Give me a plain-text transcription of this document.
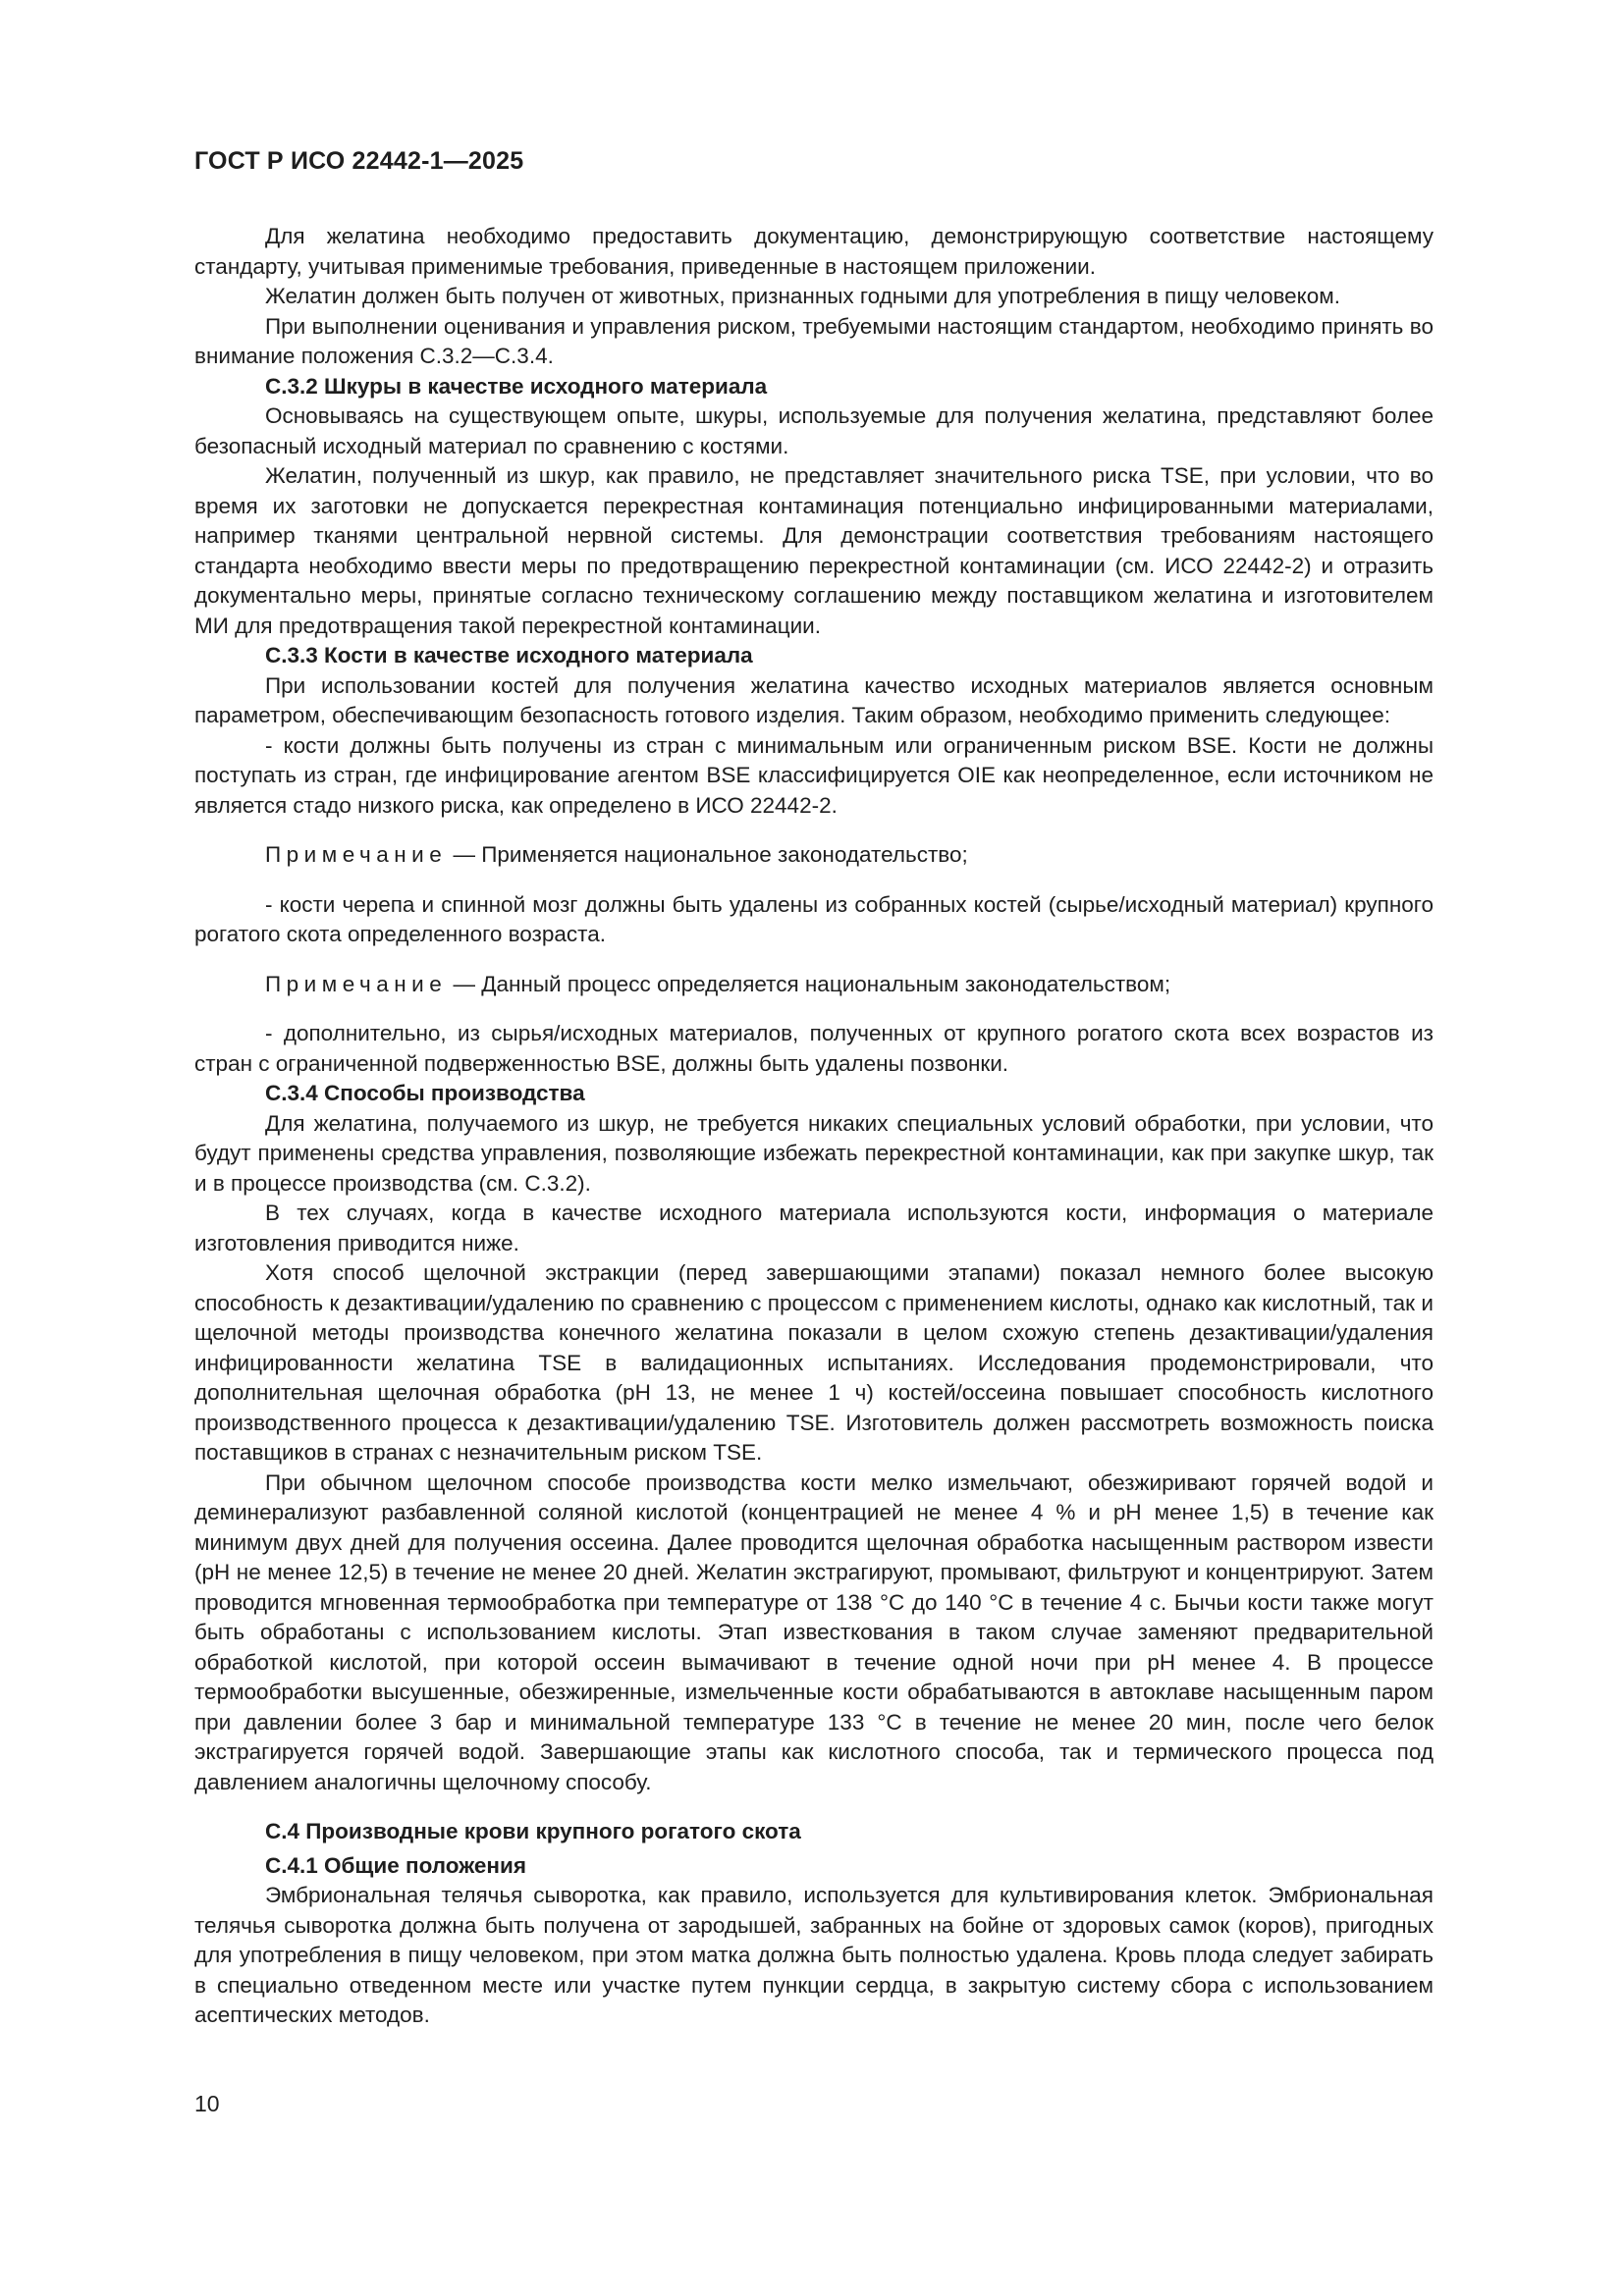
ГОСТ Р ИСО 22442-1—2025

Для желатина необходимо предоставить документацию, демонстрирующую соответствие настоящему стандарту, учитывая применимые требования, приведенные в настоящем приложении.

Желатин должен быть получен от животных, признанных годными для употребления в пищу человеком.

При выполнении оценивания и управления риском, требуемыми настоящим стандартом, необходимо принять во внимание положения C.3.2—C.3.4.

C.3.2 Шкуры в качестве исходного материала

Основываясь на существующем опыте, шкуры, используемые для получения желатина, представляют более безопасный исходный материал по сравнению с костями.

Желатин, полученный из шкур, как правило, не представляет значительного риска TSE, при условии, что во время их заготовки не допускается перекрестная контаминация потенциально инфицированными материалами, например тканями центральной нервной системы. Для демонстрации соответствия требованиям настоящего стандарта необходимо ввести меры по предотвращению перекрестной контаминации (см. ИСО 22442-2) и отразить документально меры, принятые согласно техническому соглашению между поставщиком желатина и изготовителем МИ для предотвращения такой перекрестной контаминации.

C.3.3 Кости в качестве исходного материала

При использовании костей для получения желатина качество исходных материалов является основным параметром, обеспечивающим безопасность готового изделия. Таким образом, необходимо применить следующее:

- кости должны быть получены из стран с минимальным или ограниченным риском BSE. Кости не должны поступать из стран, где инфицирование агентом BSE классифицируется OIE как неопределенное, если источником не является стадо низкого риска, как определено в ИСО 22442-2.

Примечание — Применяется национальное законодательство;

- кости черепа и спинной мозг должны быть удалены из собранных костей (сырье/исходный материал) крупного рогатого скота определенного возраста.

Примечание — Данный процесс определяется национальным законодательством;

- дополнительно, из сырья/исходных материалов, полученных от крупного рогатого скота всех возрастов из стран с ограниченной подверженностью BSE, должны быть удалены позвонки.

C.3.4 Способы производства

Для желатина, получаемого из шкур, не требуется никаких специальных условий обработки, при условии, что будут применены средства управления, позволяющие избежать перекрестной контаминации, как при закупке шкур, так и в процессе производства (см. C.3.2).

В тех случаях, когда в качестве исходного материала используются кости, информация о материале изготовления приводится ниже.

Хотя способ щелочной экстракции (перед завершающими этапами) показал немного более высокую способность к дезактивации/удалению по сравнению с процессом с применением кислоты, однако как кислотный, так и щелочной методы производства конечного желатина показали в целом схожую степень дезактивации/удаления инфицированности желатина TSE в валидационных испытаниях. Исследования продемонстрировали, что дополнительная щелочная обработка (pH 13, не менее 1 ч) костей/оссеина повышает способность кислотного производственного процесса к дезактивации/удалению TSE. Изготовитель должен рассмотреть возможность поиска поставщиков в странах с незначительным риском TSE.

При обычном щелочном способе производства кости мелко измельчают, обезжиривают горячей водой и деминерализуют разбавленной соляной кислотой (концентрацией не менее 4 % и pH менее 1,5) в течение как минимум двух дней для получения оссеина. Далее проводится щелочная обработка насыщенным раствором извести (pH не менее 12,5) в течение не менее 20 дней. Желатин экстрагируют, промывают, фильтруют и концентрируют. Затем проводится мгновенная термообработка при температуре от 138 °C до 140 °C в течение 4 с. Бычьи кости также могут быть обработаны с использованием кислоты. Этап известкования в таком случае заменяют предварительной обработкой кислотой, при которой оссеин вымачивают в течение одной ночи при pH менее 4. В процессе термообработки высушенные, обезжиренные, измельченные кости обрабатываются в автоклаве насыщенным паром при давлении более 3 бар и минимальной температуре 133 °C в течение не менее 20 мин, после чего белок экстрагируется горячей водой. Завершающие этапы как кислотного способа, так и термического процесса под давлением аналогичны щелочному способу.

C.4 Производные крови крупного рогатого скота
C.4.1 Общие положения

Эмбриональная телячья сыворотка, как правило, используется для культивирования клеток. Эмбриональная телячья сыворотка должна быть получена от зародышей, забранных на бойне от здоровых самок (коров), пригодных для употребления в пищу человеком, при этом матка должна быть полностью удалена. Кровь плода следует забирать в специально отведенном месте или участке путем пункции сердца, в закрытую систему сбора с использованием асептических методов.

10
